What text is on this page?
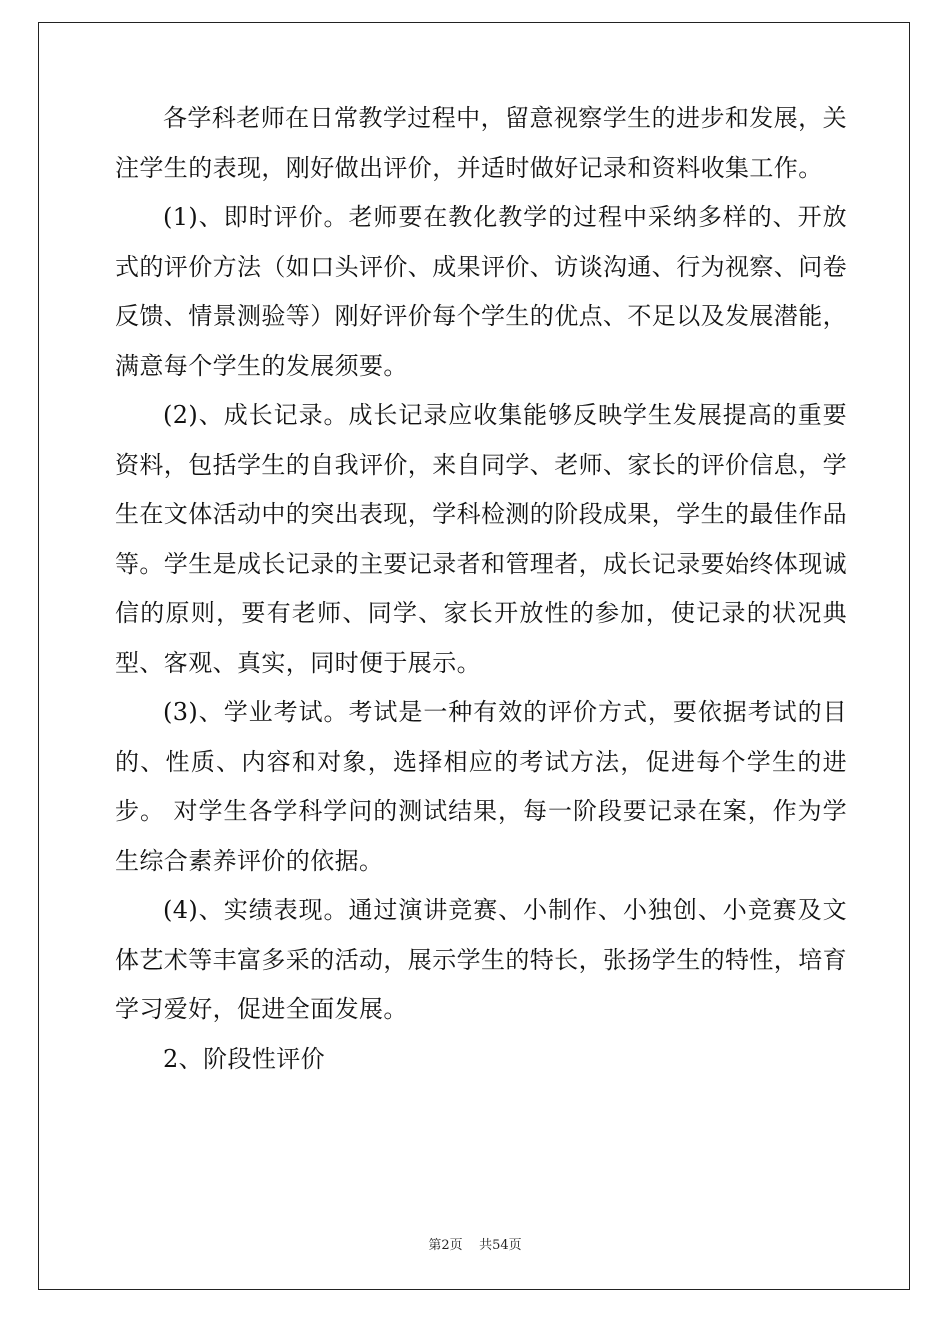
各学科老师在日常教学过程中，留意视察学生的进步和发展，关注学生的表现，刚好做出评价，并适时做好记录和资料收集工作。

(1)、即时评价。老师要在教化教学的过程中采纳多样的、开放式的评价方法（如口头评价、成果评价、访谈沟通、行为视察、问卷反馈、情景测验等）刚好评价每个学生的优点、不足以及发展潜能，满意每个学生的发展须要。

(2)、成长记录。成长记录应收集能够反映学生发展提高的重要资料，包括学生的自我评价，来自同学、老师、家长的评价信息，学生在文体活动中的突出表现，学科检测的阶段成果，学生的最佳作品等。学生是成长记录的主要记录者和管理者，成长记录要始终体现诚信的原则，要有老师、同学、家长开放性的参加，使记录的状况典型、客观、真实，同时便于展示。

(3)、学业考试。考试是一种有效的评价方式，要依据考试的目的、性质、内容和对象，选择相应的考试方法，促进每个学生的进步。 对学生各学科学问的测试结果，每一阶段要记录在案，作为学生综合素养评价的依据。

(4)、实绩表现。通过演讲竞赛、小制作、小独创、小竞赛及文体艺术等丰富多采的活动，展示学生的特长，张扬学生的特性，培育学习爱好，促进全面发展。

2、阶段性评价

第2页 共54页
